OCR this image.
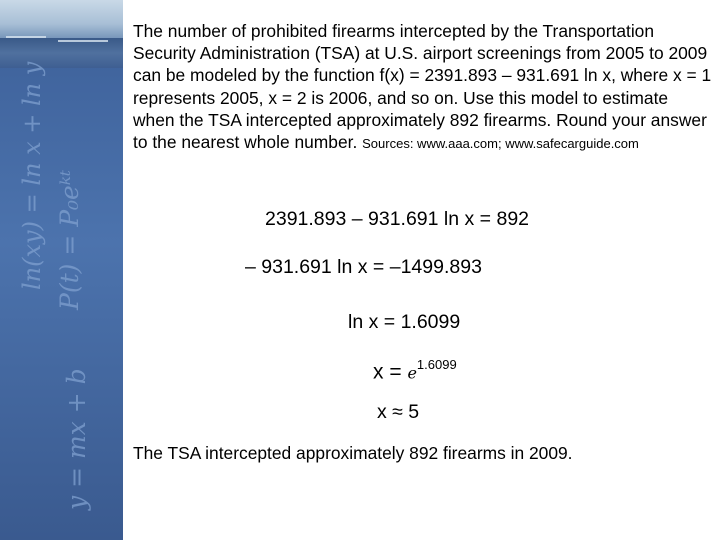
ln(xy) = ln x + ln y P(t) = P₀eᵏᵗ
y = mx + b

The number of prohibited firearms intercepted by the Transportation Security Administration (TSA) at U.S. airport screenings from 2005 to 2009 can be modeled by the function f(x) = 2391.893 – 931.691 ln x, where x = 1 represents 2005, x = 2 is 2006, and so on. Use this model to estimate when the TSA intercepted approximately 892 firearms. Round your answer to the nearest whole number. Sources: www.aaa.com; www.safecarguide.com

2391.893 – 931.691 ln x = 892
– 931.691 ln x = –1499.893
ln x = 1.6099
$x = e^{1.6099}$
x ≈ 5
The TSA intercepted approximately 892 firearms in 2009.
